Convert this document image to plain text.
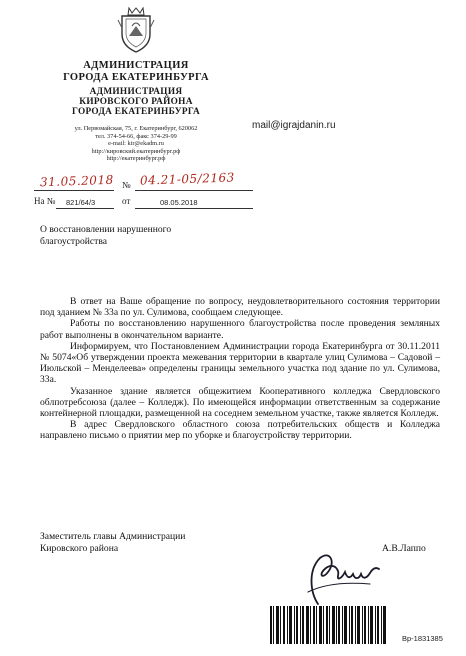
АДМИНИСТРАЦИЯ
ГОРОДА ЕКАТЕРИНБУРГА
АДМИНИСТРАЦИЯ
КИРОВСКОГО РАЙОНА
ГОРОДА ЕКАТЕРИНБУРГА
ул. Первомайская, 75, г. Екатеринбург, 620062
тел. 374-54-66, факс 374-29-99
e-mail: kir@ekadm.ru
http://кировский.екатеринбург.рф
http://екатеринбург.рф
mail@igrajdanin.ru
31.05.2018 № 04.21-05/2163
На № 821/64/3	от	08.05.2018
О восстановлении нарушенного
благоустройства

В ответ на Ваше обращение по вопросу, неудовлетворительного состояния территории под зданием № 33а по ул. Сулимова, сообщаем следующее.

Работы по восстановлению нарушенного благоустройства после проведения земляных работ выполнены в окончательном варианте.

Информируем, что Постановлением Администрации города Екатеринбурга от 30.11.2011 № 5074«Об утверждении проекта межевания территории в квартале улиц Сулимова – Садовой – Июльской – Менделеева» определены границы земельного участка под здание по ул. Сулимова, 33а.

Указанное здание является общежитием Кооперативного колледжа Свердловского облпотребсоюза (далее – Колледж). По имеющейся информации ответственным за содержание контейнерной площадки, размещенной на соседнем земельном участке, также является Колледж.

В адрес Свердловского областного союза потребительских обществ и Колледжа направлено письмо о приятии мер по уборке и благоустройству территории.

Заместитель главы Администрации
Кировского района	А.В.Лаппо
Вр-1831385
